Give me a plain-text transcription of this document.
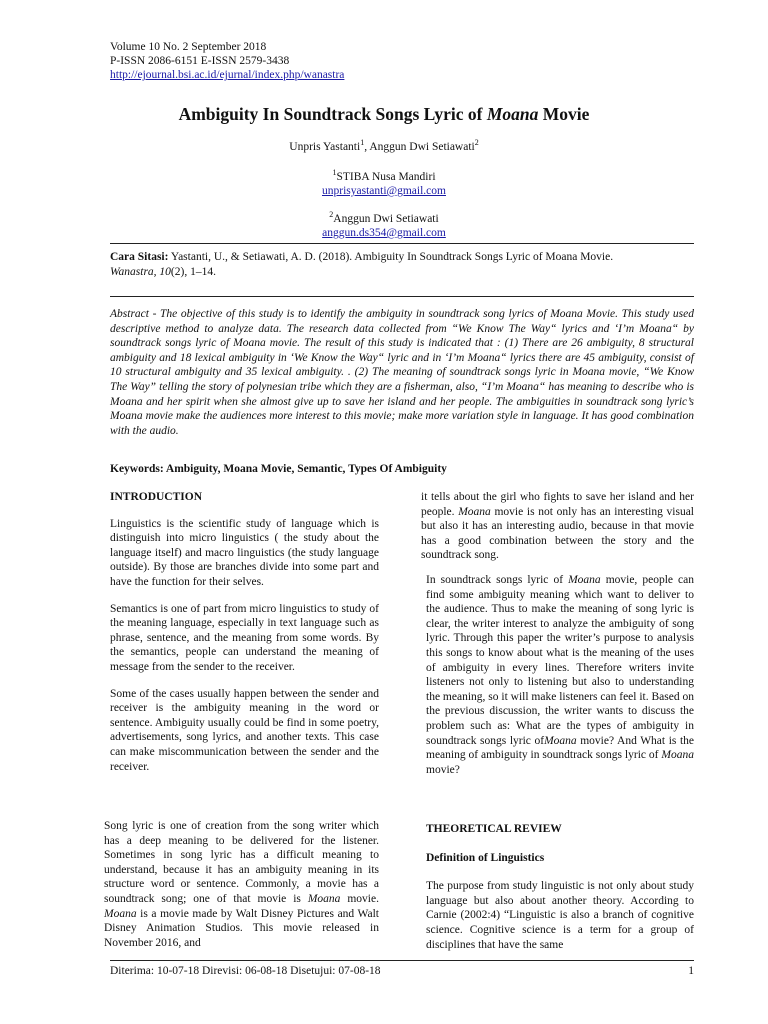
Volume 10 No. 2 September 2018
P-ISSN 2086-6151 E-ISSN 2579-3438
http://ejournal.bsi.ac.id/ejurnal/index.php/wanastra
Ambiguity In Soundtrack Songs Lyric of Moana Movie
Unpris Yastanti$^1$, Anggun Dwi Setiawati$^2$
$^1$STIBA Nusa Mandiri
unprisyastanti@gmail.com
$^2$Anggun Dwi Setiawati
anggun.ds354@gmail.com
Cara Sitasi: Yastanti, U., & Setiawati, A. D. (2018). Ambiguity In Soundtrack Songs Lyric of Moana Movie.
Wanastra, 10(2), 1–14.
Abstract - The objective of this study is to identify the ambiguity in soundtrack song lyrics of Moana Movie. This study used descriptive method to analyze data. The research data collected from “We Know The Way“ lyrics and ‘I’m Moana“ by soundtrack songs lyric of Moana movie. The result of this study is indicated that : (1) There are 26 ambiguity, 8 structural ambiguity and 18 lexical ambiguity in ‘We Know the Way“ lyric and in ‘I’m Moana“ lyrics there are 45 ambiguity, consist of 10 structural ambiguity and 35 lexical ambiguity. . (2) The meaning of soundtrack songs lyric in Moana movie, “We Know The Way” telling the story of polynesian tribe which they are a fisherman, also, “I’m Moana“ has meaning to describe who is Moana and her spirit when she almost give up to save her island and her people. The ambiguities in soundtrack song lyric’s Moana movie make the audiences more interest to this movie; make more variation style in language. It has good combination with the audio.
Keywords: Ambiguity, Moana Movie, Semantic, Types Of Ambiguity
INTRODUCTION

Linguistics is the scientific study of language which is distinguish into micro linguistics ( the study about the language itself) and macro linguistics (the study language outside). By those are branches divide into some part and have the function for their selves.

Semantics is one of part from micro linguistics to study of the meaning language, especially in text language such as phrase, sentence, and the meaning from some words. By the semantics, people can understand the meaning of message from the sender to the receiver.

Some of the cases usually happen between the sender and receiver is the ambiguity meaning in the word or sentence. Ambiguity usually could be find in some poetry, advertisements, song lyrics, and another texts. This case can make miscommunication between the sender and the receiver.

Song lyric is one of creation from the song writer which has a deep meaning to be delivered for the listener. Sometimes in song lyric has a difficult meaning to understand, because it has an ambiguity meaning in its structure word or sentence. Commonly, a movie has a soundtrack song; one of that movie is Moana movie. Moana is a movie made by Walt Disney Pictures and Walt Disney Animation Studios. This movie released in November 2016, and

it tells about the girl who fights to save her island and her people. Moana movie is not only has an interesting visual but also it has an interesting audio, because in that movie has a good combination between the story and the soundtrack song.

In soundtrack songs lyric of Moana movie, people can find some ambiguity meaning which want to deliver to the audience. Thus to make the meaning of song lyric is clear, the writer interest to analyze the ambiguity of song lyric. Through this paper the writer’s purpose to analysis this songs to know about what is the meaning of the uses of ambiguity in every lines. Therefore writers invite listeners not only to listening but also to understanding the meaning, so it will make listeners can feel it. Based on the previous discussion, the writer wants to discuss the problem such as: What are the types of ambiguity in soundtrack songs lyric ofMoana movie? And What is the meaning of ambiguity in soundtrack songs lyric of Moana movie?

THEORETICAL REVIEW
Definition of Linguistics

The purpose from study linguistic is not only about study language but also about another theory. According to Carnie (2002:4) “Linguistic is also a branch of cognitive science. Cognitive science is a term for a group of disciplines that have the same

Diterima: 10-07-18 Direvisi: 06-08-18 Disetujui: 07-08-18	1
